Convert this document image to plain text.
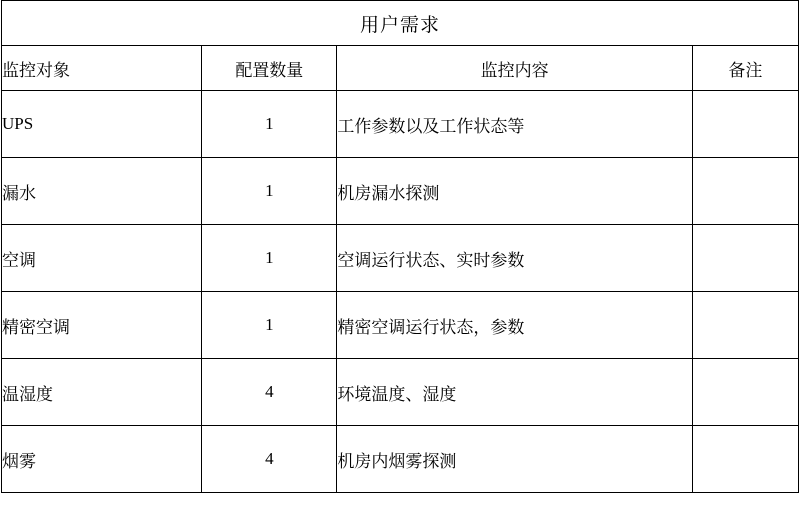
用户需求			
监控对象	配置数量	监控内容	备注
UPS	1	工作参数以及工作状态等	
漏水	1	机房漏水探测	
空调	1	空调运行状态、实时参数	
精密空调	1	精密空调运行状态，参数	
温湿度	4	环境温度、湿度	
烟雾	4	机房内烟雾探测	
